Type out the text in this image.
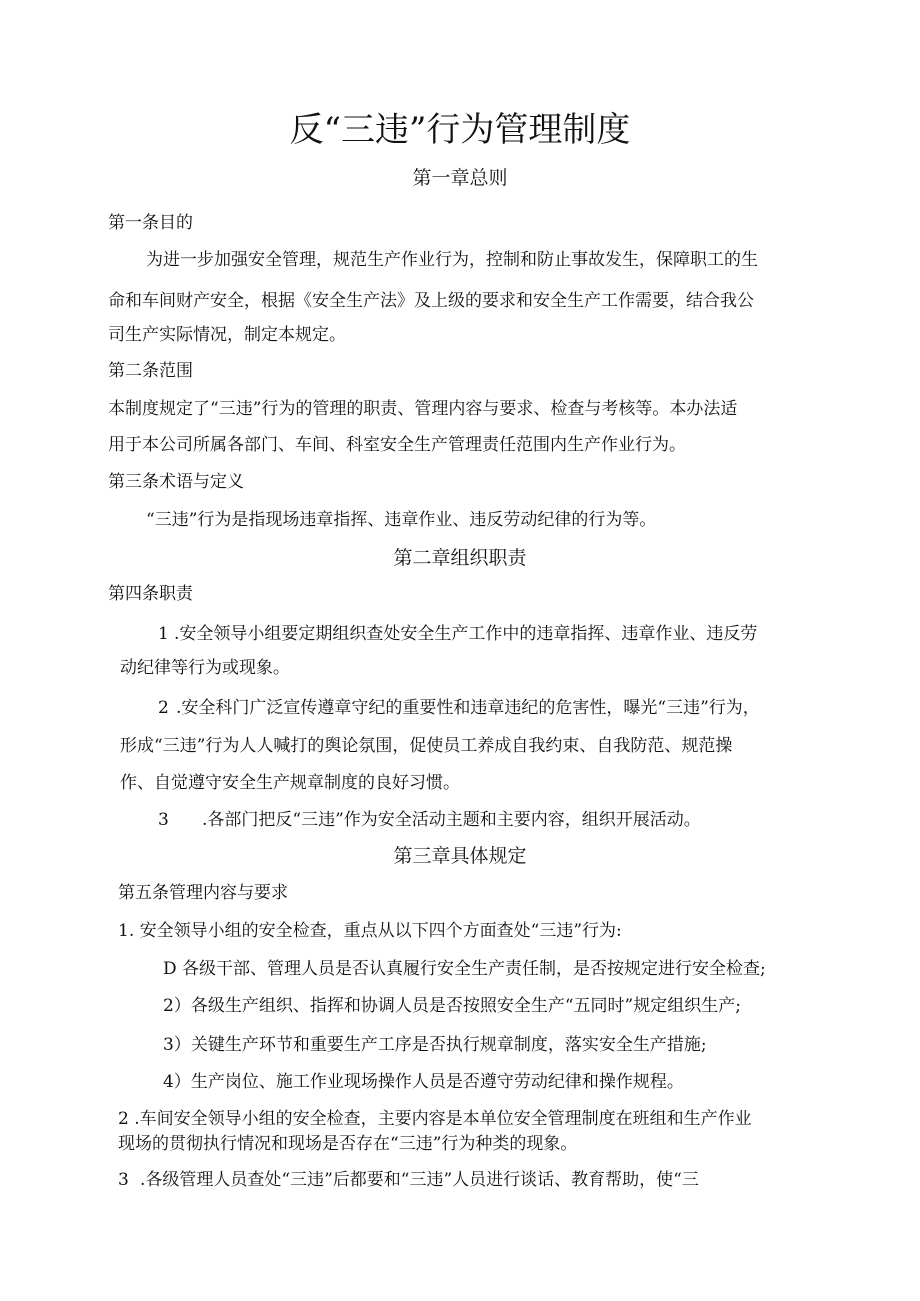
反“三违”行为管理制度
第一章总则
第一条目的
为进一步加强安全管理，规范生产作业行为，控制和防止事故发生，保障职工的生
命和车间财产安全，根据《安全生产法》及上级的要求和安全生产工作需要，结合我公
司生产实际情况，制定本规定。
第二条范围
本制度规定了“三违”行为的管理的职责、管理内容与要求、检查与考核等。本办法适
用于本公司所属各部门、车间、科室安全生产管理责任范围内生产作业行为。
第三条术语与定义
“三违”行为是指现场违章指挥、违章作业、违反劳动纪律的行为等。
第二章组织职责
第四条职责
1 .安全领导小组要定期组织查处安全生产工作中的违章指挥、违章作业、违反劳
动纪律等行为或现象。
2 .安全科门广泛宣传遵章守纪的重要性和违章违纪的危害性，曝光“三违”行为，
形成“三违”行为人人喊打的舆论氛围，促使员工养成自我约束、自我防范、规范操
作、自觉遵守安全生产规章制度的良好习惯。
3 .各部门把反“三违”作为安全活动主题和主要内容，组织开展活动。
第三章具体规定
第五条管理内容与要求
1. 安全领导小组的安全检查，重点从以下四个方面查处“三违”行为:
D 各级干部、管理人员是否认真履行安全生产责任制，是否按规定进行安全检查;
2）各级生产组织、指挥和协调人员是否按照安全生产“五同时”规定组织生产;
3）关键生产环节和重要生产工序是否执行规章制度，落实安全生产措施;
4）生产岗位、施工作业现场操作人员是否遵守劳动纪律和操作规程。
2 .车间安全领导小组的安全检查，主要内容是本单位安全管理制度在班组和生产作业
现场的贯彻执行情况和现场是否存在“三违”行为种类的现象。
3 .各级管理人员查处“三违”后都要和“三违”人员进行谈话、教育帮助，使“三
